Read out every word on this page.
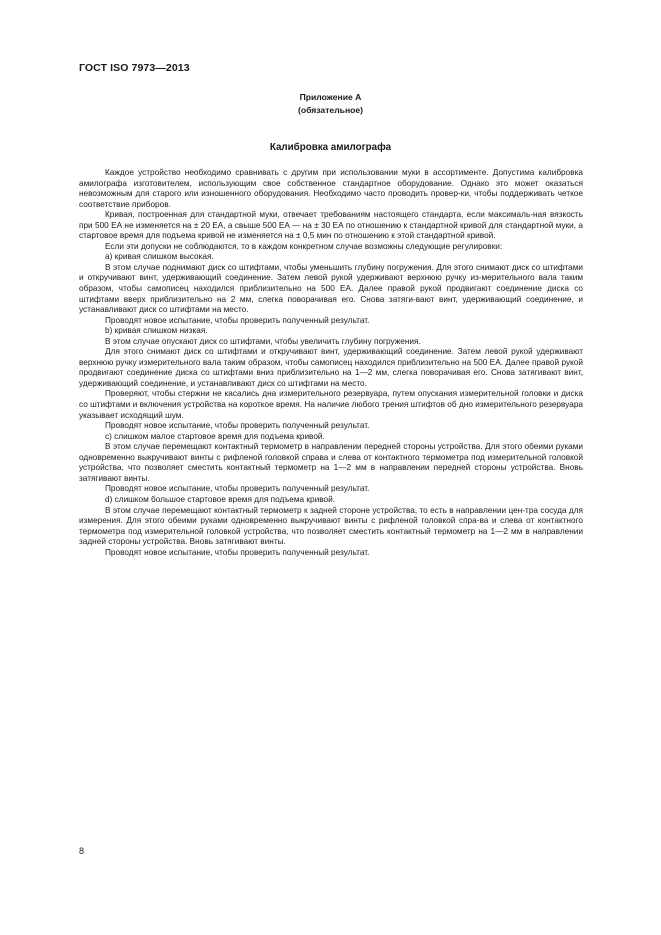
ГОСТ ISO 7973—2013
Приложение А
(обязательное)
Калибровка амилографа

Каждое устройство необходимо сравнивать с другим при использовании муки в ассортименте. Допустима калибровка амилографа изготовителем, использующим свое собственное стандартное оборудование. Однако это может оказаться невозможным для старого или изношенного оборудования. Необходимо часто проводить провер-ки, чтобы поддерживать четкое соответствие приборов.

Кривая, построенная для стандартной муки, отвечает требованиям настоящего стандарта, если максималь-ная вязкость при 500 ЕА не изменяется на ± 20 ЕА, а свыше 500 ЕА — на ± 30 ЕА по отношению к стандартной кривой для стандартной муки, а стартовое время для подъема кривой не изменяется на ± 0,5 мин по отношению к этой стандартной кривой.

Если эти допуски не соблюдаются, то в каждом конкретном случае возможны следующие регулировки:

а) кривая слишком высокая.

В этом случае поднимают диск со штифтами, чтобы уменьшить глубину погружения. Для этого снимают диск со штифтами и откручивают винт, удерживающий соединение. Затем левой рукой удерживают верхнюю ручку из-мерительного вала таким образом, чтобы самописец находился приблизительно на 500 ЕА. Далее правой рукой продвигают соединение диска со штифтами вверх приблизительно на 2 мм, слегка поворачивая его. Снова затяги-вают винт, удерживающий соединение, и устанавливают диск со штифтами на место.

Проводят новое испытание, чтобы проверить полученный результат.

b) кривая слишком низкая.

В этом случае опускают диск со штифтами, чтобы увеличить глубину погружения.

Для этого снимают диск со штифтами и откручивают винт, удерживающий соединение. Затем левой рукой удерживают верхнюю ручку измерительного вала таким образом, чтобы самописец находился приблизительно на 500 ЕА. Далее правой рукой продвигают соединение диска со штифтами вниз приблизительно на 1—2 мм, слегка поворачивая его. Снова затягивают винт, удерживающий соединение, и устанавливают диск со штифтами на место.

Проверяют, чтобы стержни не касались дна измерительного резервуара, путем опускания измерительной головки и диска со штифтами и включения устройства на короткое время. На наличие любого трения штифтов об дно измерительного резервуара указывает исходящий шум.

Проводят новое испытание, чтобы проверить полученный результат.

с) слишком малое стартовое время для подъема кривой.

В этом случае перемещают контактный термометр в направлении передней стороны устройства. Для этого обеими руками одновременно выкручивают винты с рифленой головкой справа и слева от контактного термометра под измерительной головкой устройства, что позволяет сместить контактный термометр на 1—2 мм в направлении передней стороны устройства. Вновь затягивают винты.

Проводят новое испытание, чтобы проверить полученный результат.

d) слишком большое стартовое время для подъема кривой.

В этом случае перемещают контактный термометр к задней стороне устройства, то есть в направлении цен-тра сосуда для измерения. Для этого обеими руками одновременно выкручивают винты с рифленой головкой спра-ва и слева от контактного термометра под измерительной головкой устройства, что позволяет сместить контактный термометр на 1—2 мм в направлении задней стороны устройства. Вновь затягивают винты.

Проводят новое испытание, чтобы проверить полученный результат.

8
